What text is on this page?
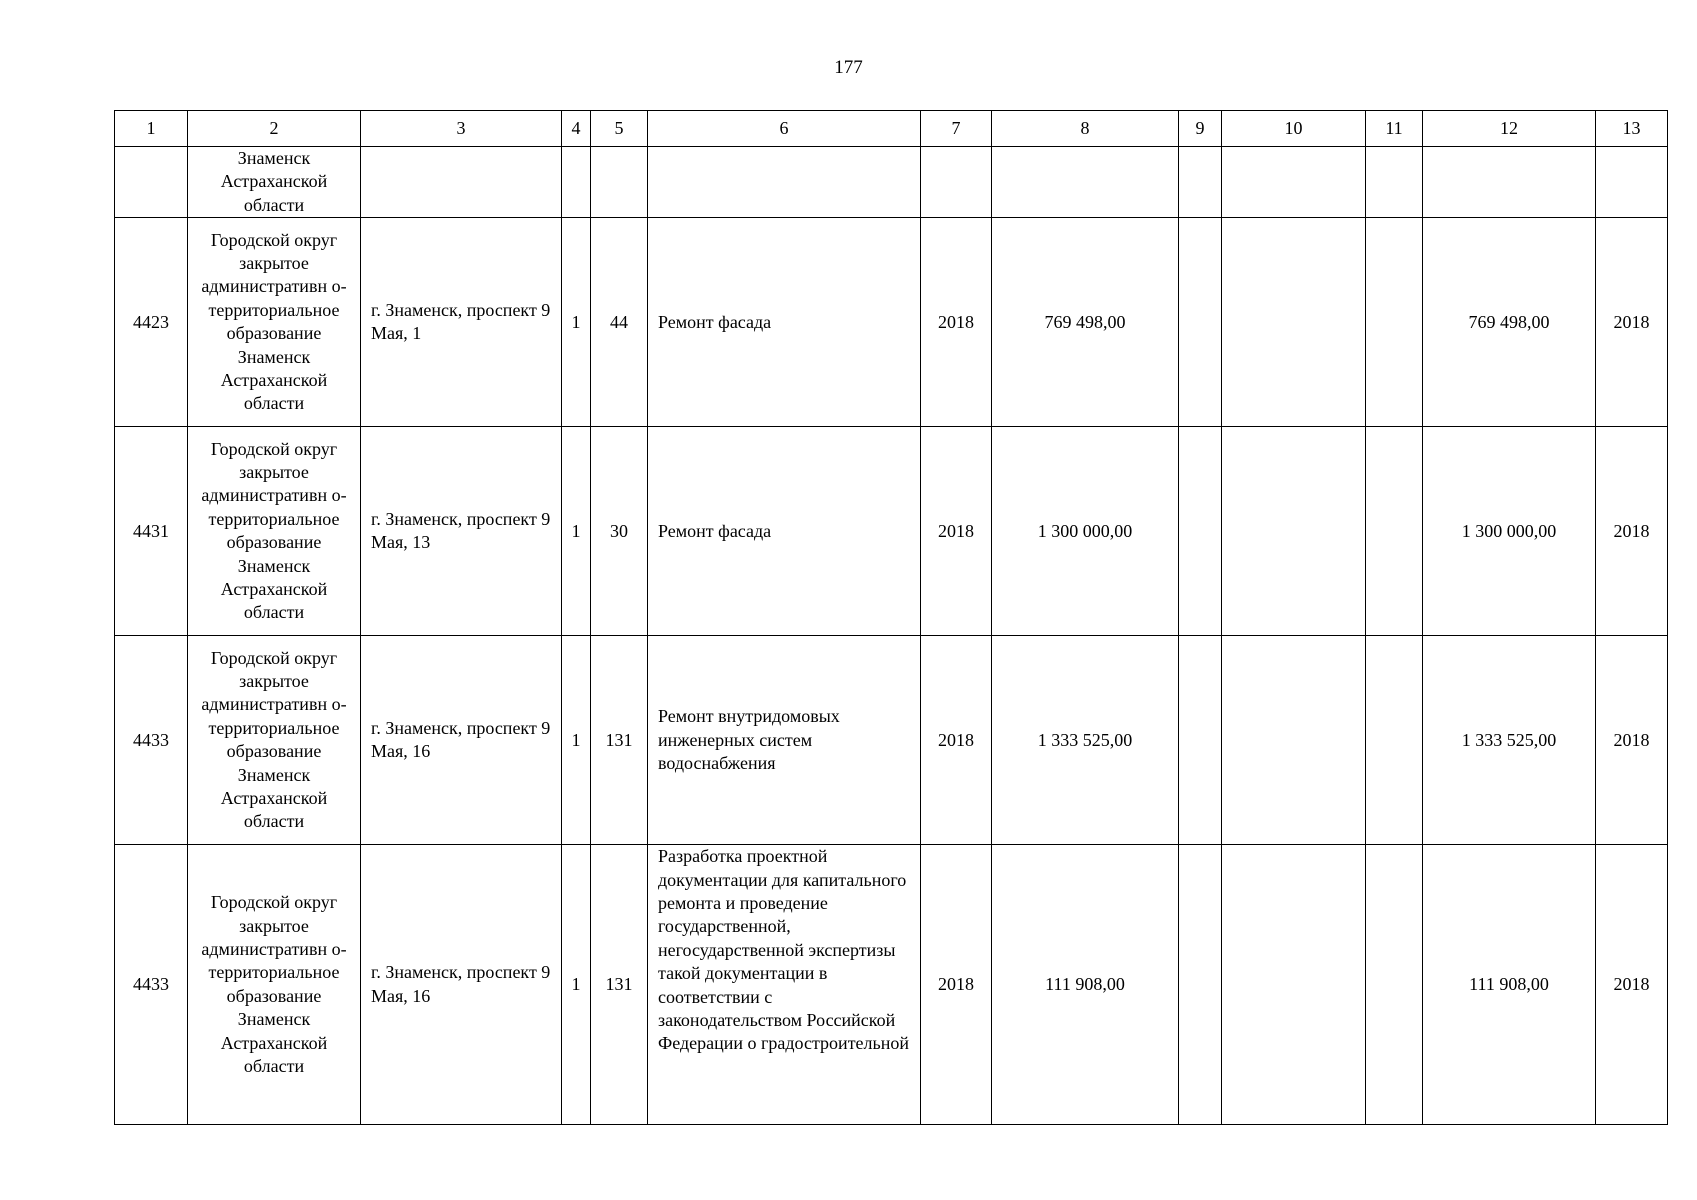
177
1	2	3	4	5	6	7	8	9	10	11	12	13
	Знаменск Астраханской области											
4423	Городской округ закрытое административн о-территориальное образование Знаменск Астраханской области	г. Знаменск, проспект 9 Мая, 1	1	44	Ремонт фасада	2018	769 498,00				769 498,00	2018
4431	Городской округ закрытое административн о-территориальное образование Знаменск Астраханской области	г. Знаменск, проспект 9 Мая, 13	1	30	Ремонт фасада	2018	1 300 000,00				1 300 000,00	2018
4433	Городской округ закрытое административн о-территориальное образование Знаменск Астраханской области	г. Знаменск, проспект 9 Мая, 16	1	131	Ремонт внутридомовых инженерных систем водоснабжения	2018	1 333 525,00				1 333 525,00	2018
4433	Городской округ закрытое административн о-территориальное образование Знаменск Астраханской области	г. Знаменск, проспект 9 Мая, 16	1	131	Разработка проектной документации для капитального ремонта и проведение государственной, негосударственной экспертизы такой документации в соответствии с законодательством Российской Федерации о градостроительной	2018	111 908,00				111 908,00	2018
